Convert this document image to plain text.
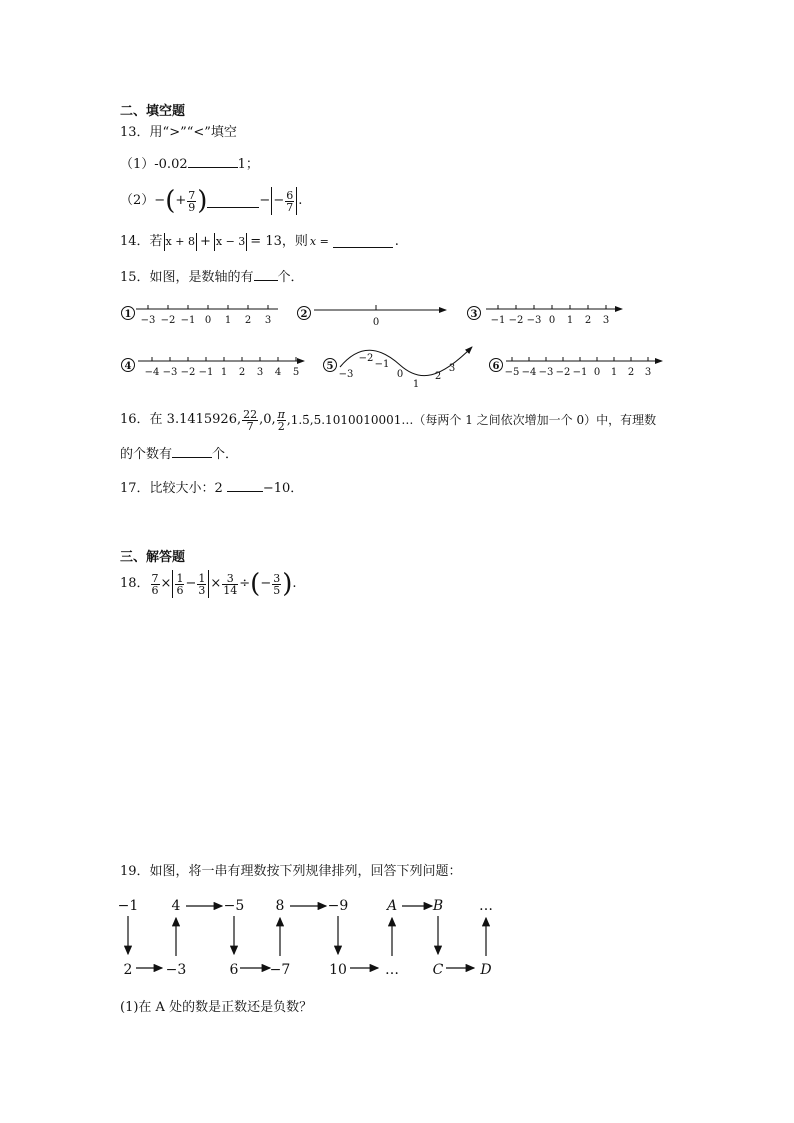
二、填空题
13．用“>”“<”填空
（1）-0.02	1；
（2） − ( + $\frac{7}{9}$ )	− − $\frac{6}{7}$ .
14．若 x + 8 + x − 3 = 13，则 x =	.
15．如图，是数轴的有 个．
1	2	3
4	5	6
−3 −2 −1 0 1 2 3	0	−1 −2 −3 0 1 2 3
−4 −3 −2 −1 1 2 3 4 5	−5 −4 −3 −2 −1 0 1 2 3
−3
−2
−1
0
1
2
3
16．在 3.1415926, $\frac{22}{7} ,0$, $\frac{\pi}{2}$ ,1.5̇,5.1010010001…（每两个 1 之间依次增加一个 0）中，有理数
的个数有	个．
17．比较大小：2	−10．
三、解答题
18． $\frac{7}{6} \times \frac{1}{6} - \frac{1}{3} \times \frac{3}{14}$ ÷ ( − $\frac{3}{5}$ ) .
19．如图，将一串有理数按下列规律排列，回答下列问题：
−1 4	−5 8	−9	A	B	…
2 −3	6 −7	10	… C	D
(1)在 A 处的数是正数还是负数？
